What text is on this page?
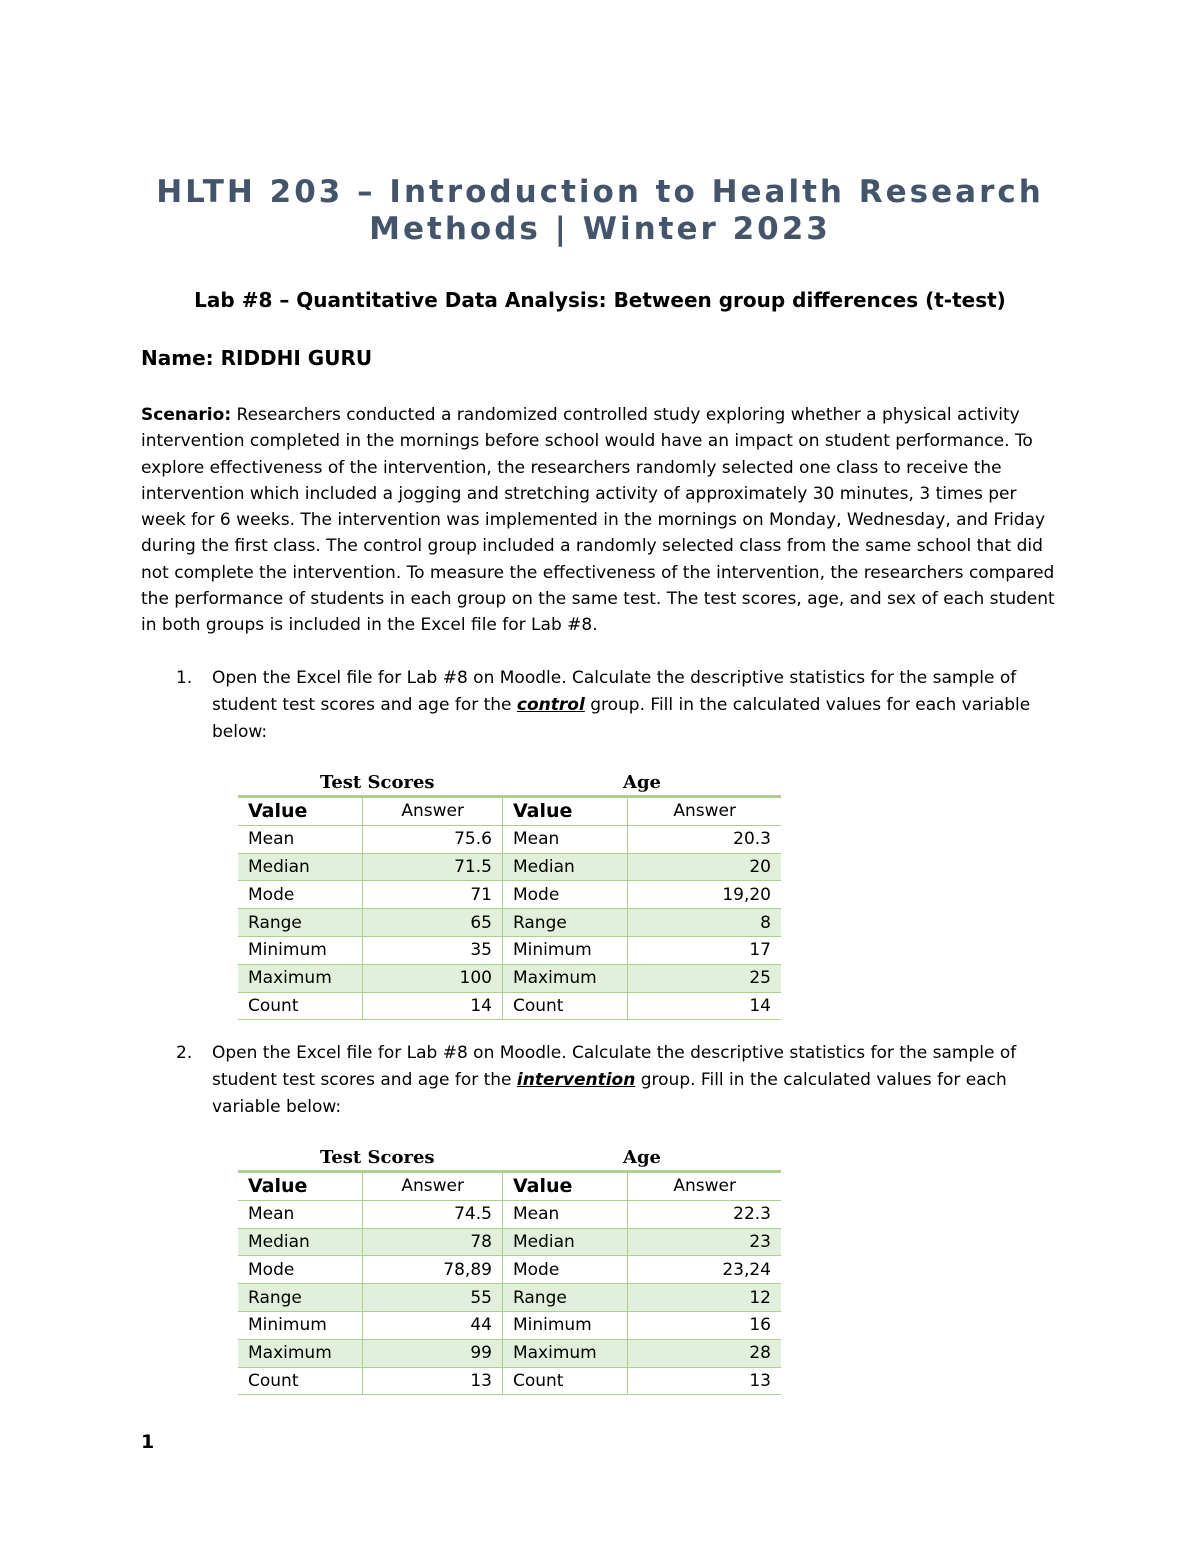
HLTH 203 – Introduction to Health Research
Methods | Winter 2023
Lab #8 – Quantitative Data Analysis: Between group differences (t-test)
Name: RIDDHI GURU
Scenario: Researchers conducted a randomized controlled study exploring whether a physical activity intervention completed in the mornings before school would have an impact on student performance. To explore effectiveness of the intervention, the researchers randomly selected one class to receive the intervention which included a jogging and stretching activity of approximately 30 minutes, 3 times per week for 6 weeks. The intervention was implemented in the mornings on Monday, Wednesday, and Friday during the first class. The control group included a randomly selected class from the same school that did not complete the intervention. To measure the effectiveness of the intervention, the researchers compared the performance of students in each group on the same test. The test scores, age, and sex of each student in both groups is included in the Excel file for Lab #8.
1.	Open the Excel file for Lab #8 on Moodle. Calculate the descriptive statistics for the sample of student test scores and age for the control group. Fill in the calculated values for each variable below:
Test Scores	Age
Value	Answer	Value	Answer
Mean	75.6	Mean	20.3
Median	71.5	Median	20
Mode	71	Mode	19,20
Range	65	Range	8
Minimum	35	Minimum	17
Maximum	100	Maximum	25
Count	14	Count	14
2.	Open the Excel file for Lab #8 on Moodle. Calculate the descriptive statistics for the sample of student test scores and age for the intervention group. Fill in the calculated values for each variable below:
Test Scores	Age
Value	Answer	Value	Answer
Mean	74.5	Mean	22.3
Median	78	Median	23
Mode	78,89	Mode	23,24
Range	55	Range	12
Minimum	44	Minimum	16
Maximum	99	Maximum	28
Count	13	Count	13
1
